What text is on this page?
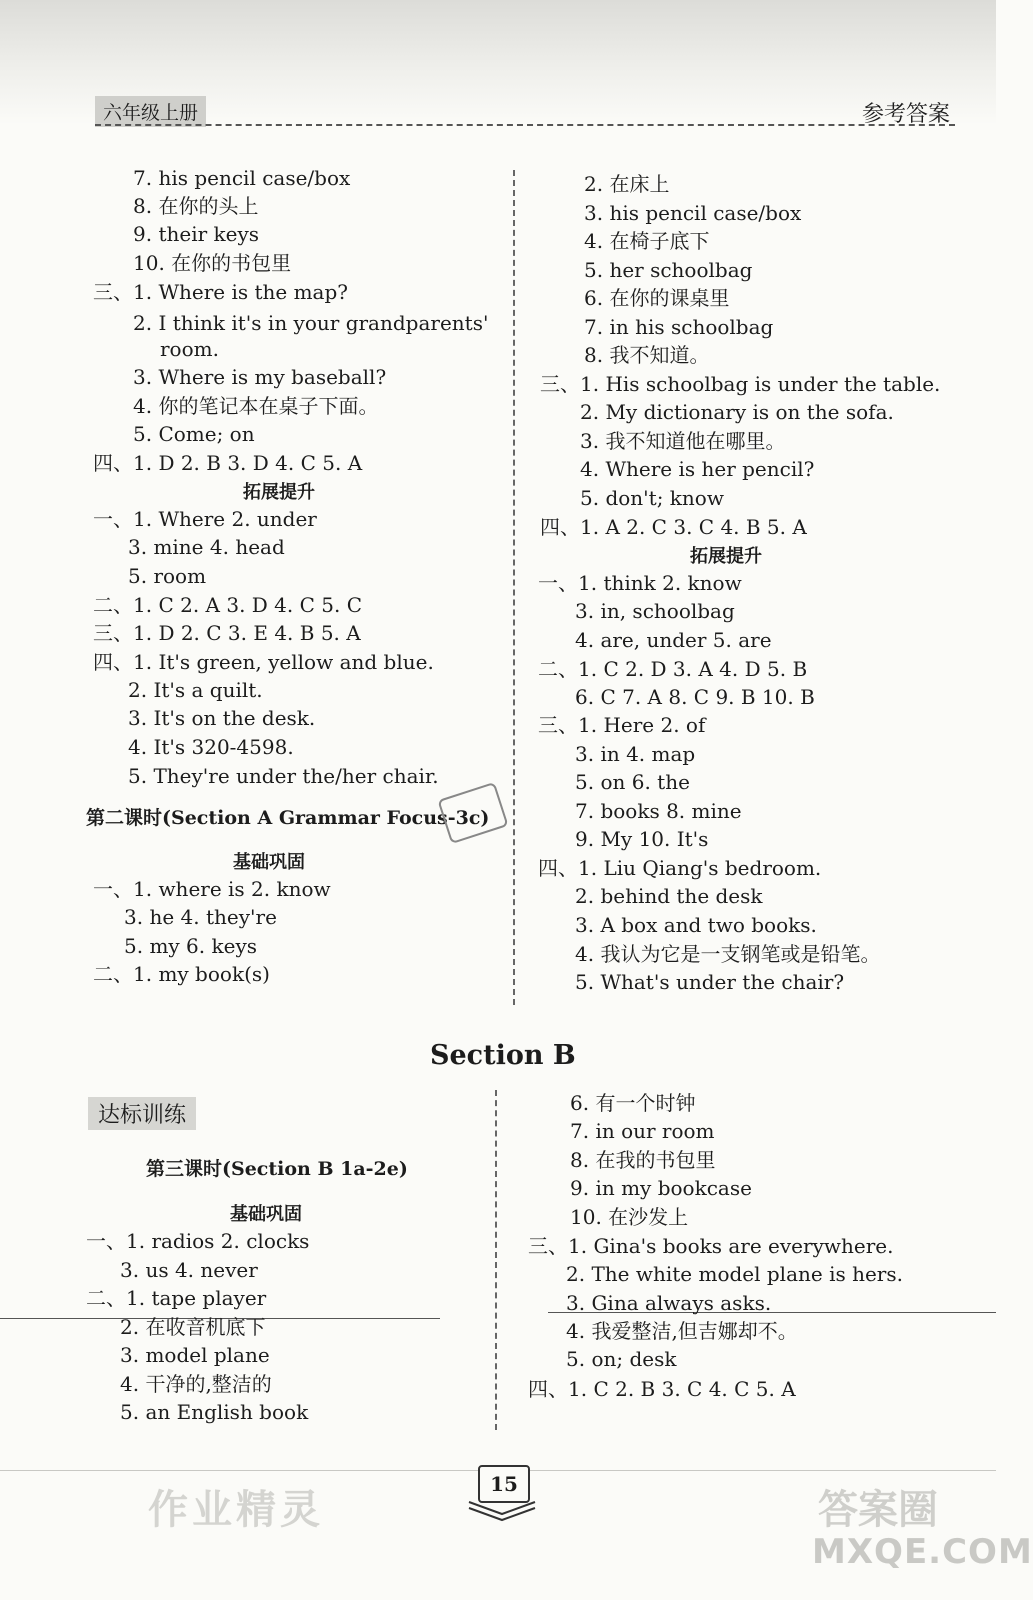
六年级上册	参考答案
7. his pencil case/box
8. 在你的头上
9. their keys
10. 在你的书包里
三、1. Where is the map?
2. I think it's in your grandparents'
room.
3. Where is my baseball?
4. 你的笔记本在桌子下面。
5. Come; on
四、1. D 2. B 3. D 4. C 5. A
拓展提升
一、1. Where 2. under
3. mine 4. head
5. room
二、1. C 2. A 3. D 4. C 5. C
三、1. D 2. C 3. E 4. B 5. A
四、1. It's green, yellow and blue.
2. It's a quilt.
3. It's on the desk.
4. It's 320-4598.
5. They're under the/her chair.
第二课时(Section A Grammar Focus-3c)
基础巩固
一、1. where is 2. know
3. he 4. they're
5. my 6. keys
二、1. my book(s)
2. 在床上
3. his pencil case/box
4. 在椅子底下
5. her schoolbag
6. 在你的课桌里
7. in his schoolbag
8. 我不知道。
三、1. His schoolbag is under the table.
2. My dictionary is on the sofa.
3. 我不知道他在哪里。
4. Where is her pencil?
5. don't; know
四、1. A 2. C 3. C 4. B 5. A
拓展提升
一、1. think 2. know
3. in, schoolbag
4. are, under 5. are
二、1. C 2. D 3. A 4. D 5. B
6. C 7. A 8. C 9. B 10. B
三、1. Here 2. of
3. in 4. map
5. on 6. the
7. books 8. mine
9. My 10. It's
四、1. Liu Qiang's bedroom.
2. behind the desk
3. A box and two books.
4. 我认为它是一支钢笔或是铅笔。
5. What's under the chair?
Section B
达标训练
第三课时(Section B 1a-2e)
基础巩固
一、1. radios 2. clocks
3. us 4. never
二、1. tape player
2. 在收音机底下
3. model plane
4. 干净的,整洁的
5. an English book
6. 有一个时钟
7. in our room
8. 在我的书包里
9. in my bookcase
10. 在沙发上
三、1. Gina's books are everywhere.
2. The white model plane is hers.
3. Gina always asks.
4. 我爱整洁,但吉娜却不。
5. on; desk
四、1. C 2. B 3. C 4. C 5. A
15
作业精灵	答案圈
MXQE.COM
